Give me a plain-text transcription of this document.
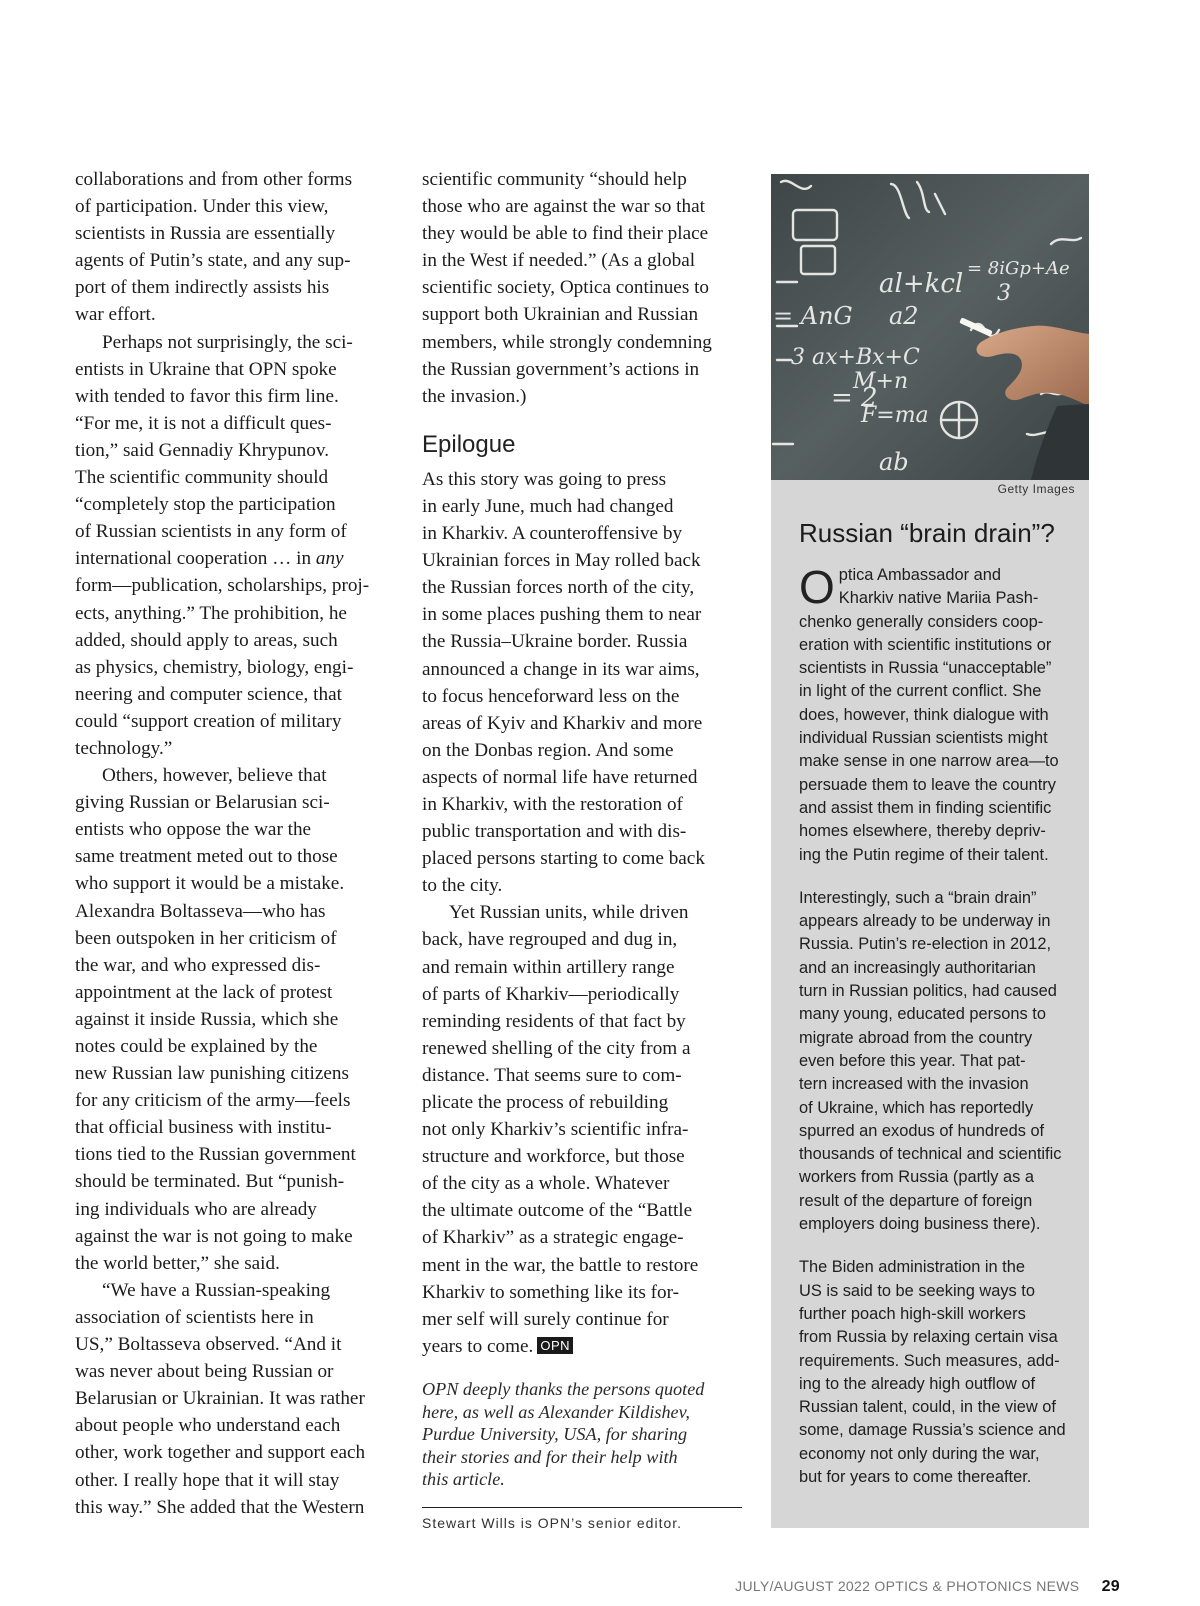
collaborations and from other forms
of participation. Under this view,
scientists in Russia are essentially
agents of Putin’s state, and any sup-
port of them indirectly assists his
war effort.

Perhaps not surprisingly, the sci-
entists in Ukraine that OPN spoke
with tended to favor this firm line.
“For me, it is not a difficult ques-
tion,” said Gennadiy Khrypunov.
The scientific community should
“completely stop the participation
of Russian scientists in any form of
international cooperation … in any
form—publication, scholarships, proj-
ects, anything.” The prohibition, he
added, should apply to areas, such
as physics, chemistry, biology, engi-
neering and computer science, that
could “support creation of military
technology.”

Others, however, believe that
giving Russian or Belarusian sci-
entists who oppose the war the
same treatment meted out to those
who support it would be a mistake.
Alexandra Boltasseva—who has
been outspoken in her criticism of
the war, and who expressed dis-
appointment at the lack of protest
against it inside Russia, which she
notes could be explained by the
new Russian law punishing citizens
for any criticism of the army—feels
that official business with institu-
tions tied to the Russian government
should be terminated. But “punish-
ing individuals who are already
against the war is not going to make
the world better,” she said.

“We have a Russian-speaking
association of scientists here in
US,” Boltasseva observed. “And it
was never about being Russian or
Belarusian or Ukrainian. It was rather
about people who understand each
other, work together and support each
other. I really hope that it will stay
this way.” She added that the Western

scientific community “should help
those who are against the war so that
they would be able to find their place
in the West if needed.” (As a global
scientific society, Optica continues to
support both Ukrainian and Russian
members, while strongly condemning
the Russian government’s actions in
the invasion.)

Epilogue

As this story was going to press
in early June, much had changed
in Kharkiv. A counteroffensive by
Ukrainian forces in May rolled back
the Russian forces north of the city,
in some places pushing them to near
the Russia–Ukraine border. Russia
announced a change in its war aims,
to focus henceforward less on the
areas of Kyiv and Kharkiv and more
on the Donbas region. And some
aspects of normal life have returned
in Kharkiv, with the restoration of
public transportation and with dis-
placed persons starting to come back
to the city.

Yet Russian units, while driven
back, have regrouped and dug in,
and remain within artillery range
of parts of Kharkiv—periodically
reminding residents of that fact by
renewed shelling of the city from a
distance. That seems sure to com-
plicate the process of rebuilding
not only Kharkiv’s scientific infra-
structure and workforce, but those
of the city as a whole. Whatever
the ultimate outcome of the “Battle
of Kharkiv” as a strategic engage-
ment in the war, the battle to restore
Kharkiv to something like its for-
mer self will surely continue for
years to come. OPN

OPN deeply thanks the persons quoted
here, as well as Alexander Kildishev,
Purdue University, USA, for sharing
their stories and for their help with
this article.

Stewart Wills is OPN’s senior editor.

al+kcl
a2
= AnG
3 ax+Bx+C
M+n
= 2
F=ma
ab
= 8iGp+Ae
3
Getty Images
Russian “brain drain”?

O ptica Ambassador and
Kharkiv native Mariia Pash-
chenko generally considers coop-
eration with scientific institutions or
scientists in Russia “unacceptable”
in light of the current conflict. She
does, however, think dialogue with
individual Russian scientists might
make sense in one narrow area—to
persuade them to leave the country
and assist them in finding scientific
homes elsewhere, thereby depriv-
ing the Putin regime of their talent.

Interestingly, such a “brain drain”
appears already to be underway in
Russia. Putin’s re-election in 2012,
and an increasingly authoritarian
turn in Russian politics, had caused
many young, educated persons to
migrate abroad from the country
even before this year. That pat-
tern increased with the invasion
of Ukraine, which has reportedly
spurred an exodus of hundreds of
thousands of technical and scientific
workers from Russia (partly as a
result of the departure of foreign
employers doing business there).

The Biden administration in the
US is said to be seeking ways to
further poach high-skill workers
from Russia by relaxing certain visa
requirements. Such measures, add-
ing to the already high outflow of
Russian talent, could, in the view of
some, damage Russia’s science and
economy not only during the war,
but for years to come thereafter.

JULY/AUGUST 2022 OPTICS & PHOTONICS NEWS 29
